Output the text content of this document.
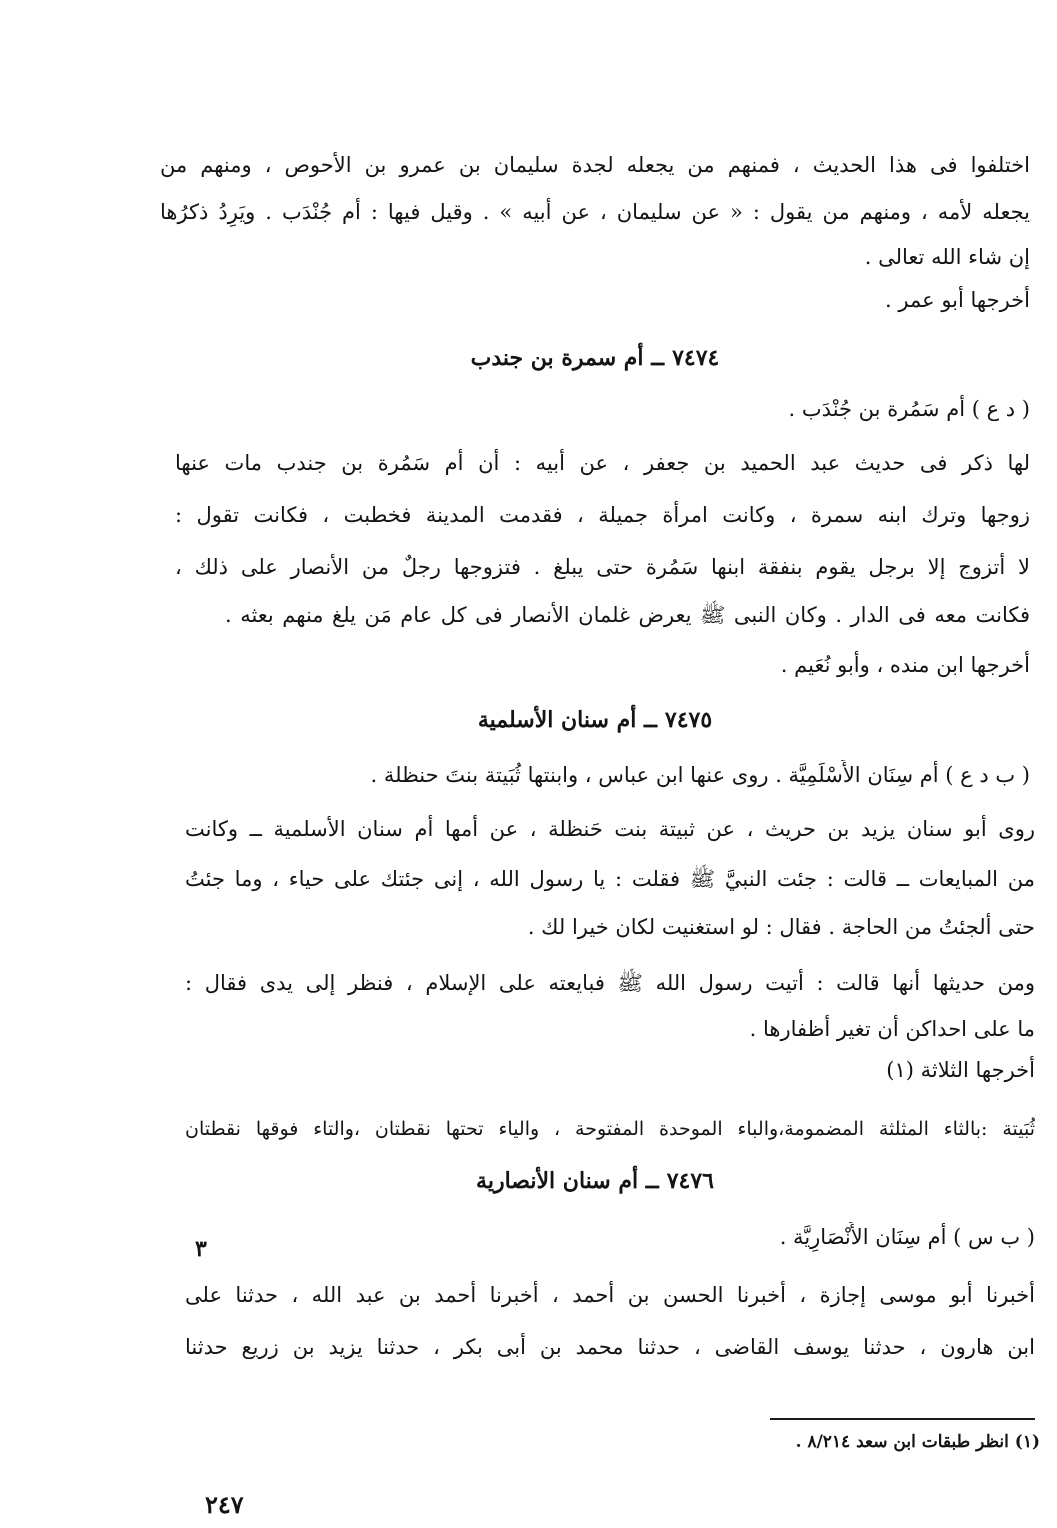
اختلفوا فى هذا الحديث ، فمنهم من يجعله لجدة سليمان بن عمرو بن الأحوص ، ومنهم من
يجعله لأمه ، ومنهم من يقول : « عن سليمان ، عن أبيه » . وقيل فيها : أم جُنْدَب . ويَرِدُ ذكرُها
إن شاء الله تعالى .
أخرجها أبو عمر .
٧٤٧٤ــ أم سمرة بن جندب
( د ع ) أم سَمُرة بن جُنْدَب .
لها ذكر فى حديث عبد الحميد بن جعفر ، عن أبيه : أن أم سَمُرة بن جندب مات عنها
زوجها وترك ابنه سمرة ، وكانت امرأة جميلة ، فقدمت المدينة فخطبت ، فكانت تقول :
لا أتزوج إلا برجل يقوم بنفقة ابنها سَمُرة حتى يبلغ . فتزوجها رجلٌ من الأنصار على ذلك ،
فكانت معه فى الدار . وكان النبى ﷺ يعرض غلمان الأنصار فى كل عام مَن يلغ منهم بعثه .
أخرجها ابن منده ، وأبو نُعَيم .
٧٤٧٥ــ أم سنان الأسلمية
( ب د ع ) أم سِنَان الأَسْلَمِيَّة . روى عنها ابن عباس ، وابنتها ثُبَيتة بنتَ حنظلة .
روى أبو سنان يزيد بن حريث ، عن ثبيتة بنت حَنظلة ، عن أمها أم سنان الأسلمية ــ وكانت
من المبايعات ــ قالت : جئت النبيَّ ﷺ فقلت : يا رسول الله ، إنى جئتك على حياء ، وما جئتُ
حتى ألجئتُ من الحاجة . فقال : لو استغنيت لكان خيرا لك .
ومن حديثها أنها قالت : أتيت رسول الله ﷺ فبايعته على الإسلام ، فنظر إلى يدى فقال :
ما على احداكن أن تغير أظفارها .
أخرجها الثلاثة (١)
ثُبَيتة :بالثاء المثلثة المضمومة،والباء الموحدة المفتوحة ، والياء تحتها نقطتان ،والتاء فوقها نقطتان
٧٤٧٦ــ أم سنان الأنصارية
٣	( ب س ) أم سِنَان الأَنْصَارِيَّة .
أخبرنا أبو موسى إجازة ، أخبرنا الحسن بن أحمد ، أخبرنا أحمد بن عبد الله ، حدثنا على
ابن هارون ، حدثنا يوسف القاضى ، حدثنا محمد بن أبى بكر ، حدثنا يزيد بن زريع حدثنا
(١) انظر طبقات ابن سعد ٨/٢١٤ .
٢٤٧
